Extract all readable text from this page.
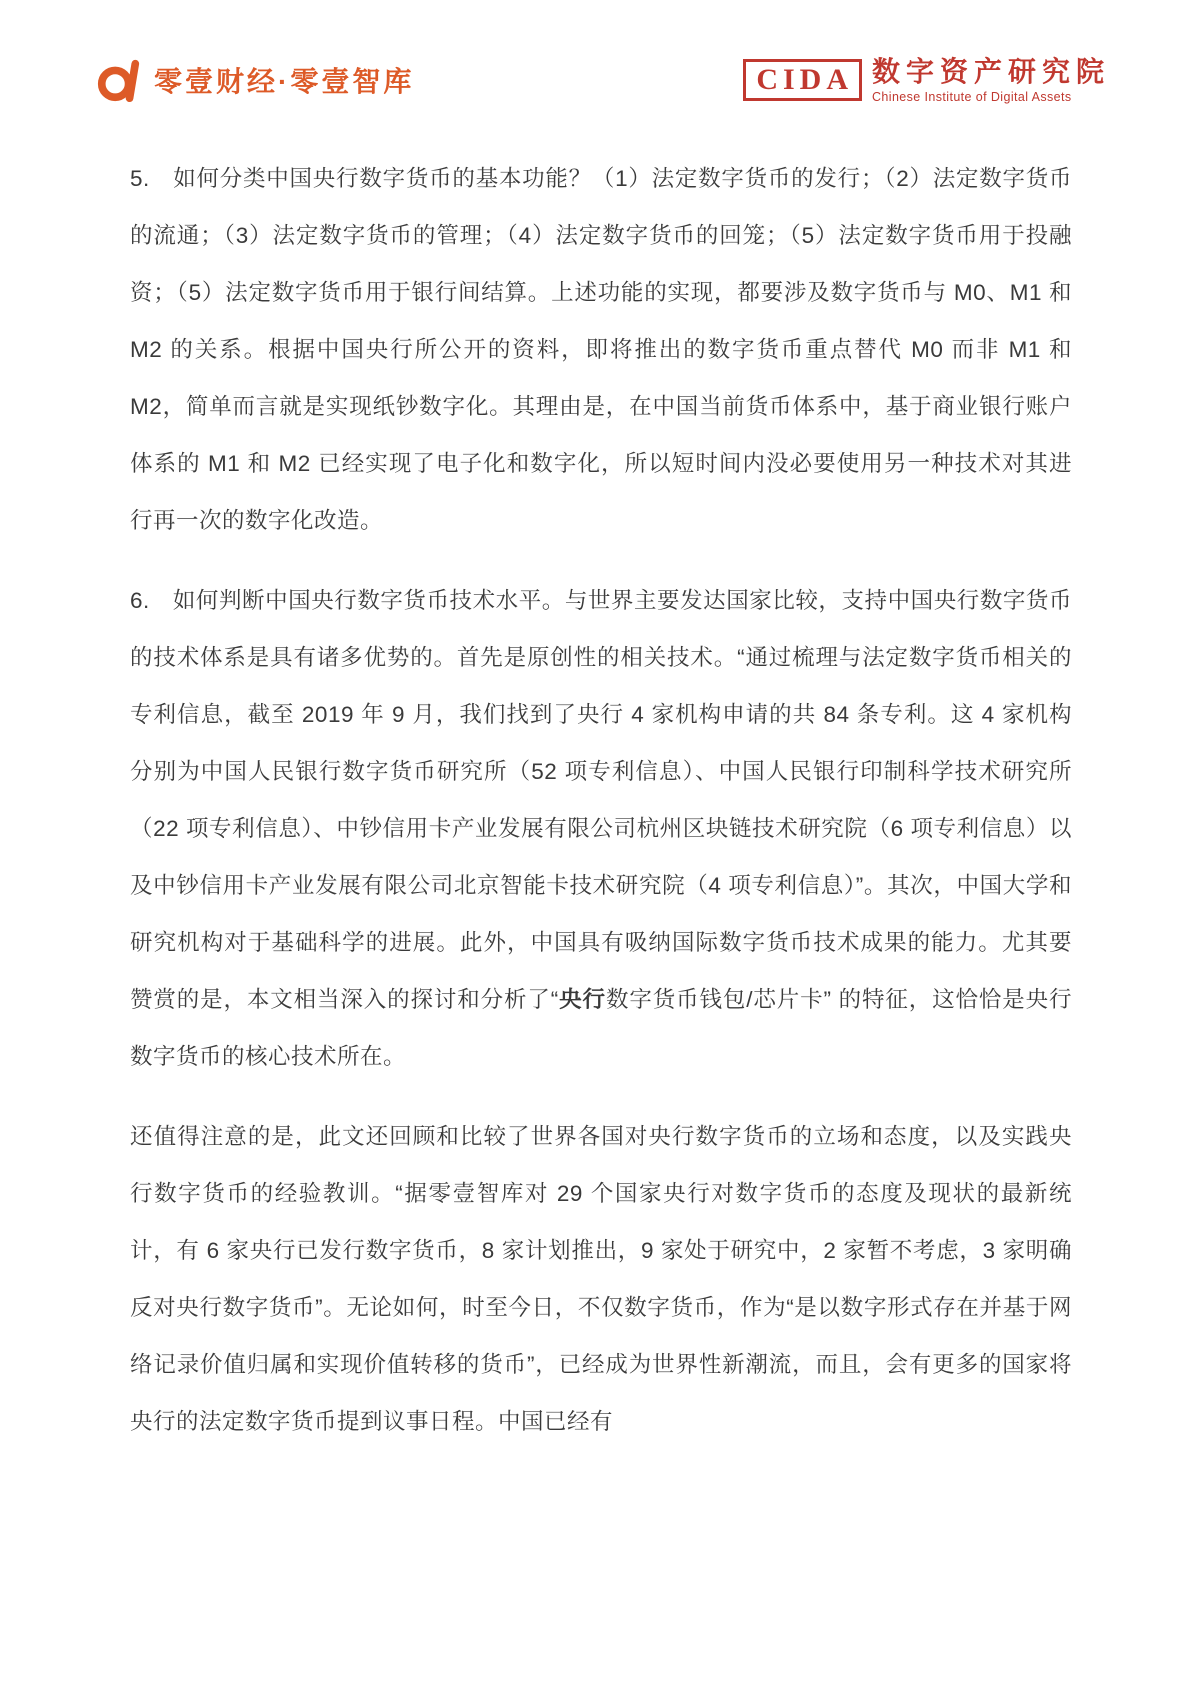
零壹财经·零壹智库	CIDA 数字资产研究院
Chinese Institute of Digital Assets

5.　如何分类中国央行数字货币的基本功能？（1）法定数字货币的发行；（2）法定数字货币的流通；（3）法定数字货币的管理；（4）法定数字货币的回笼；（5）法定数字货币用于投融资；（5）法定数字货币用于银行间结算。上述功能的实现，都要涉及数字货币与 M0、M1 和 M2 的关系。根据中国央行所公开的资料，即将推出的数字货币重点替代 M0 而非 M1 和 M2，简单而言就是实现纸钞数字化。其理由是，在中国当前货币体系中，基于商业银行账户体系的 M1 和 M2 已经实现了电子化和数字化，所以短时间内没必要使用另一种技术对其进行再一次的数字化改造。

6.　如何判断中国央行数字货币技术水平。与世界主要发达国家比较，支持中国央行数字货币的技术体系是具有诸多优势的。首先是原创性的相关技术。“通过梳理与法定数字货币相关的专利信息，截至 2019 年 9 月，我们找到了央行 4 家机构申请的共 84 条专利。这 4 家机构分别为中国人民银行数字货币研究所（52 项专利信息）、中国人民银行印制科学技术研究所（22 项专利信息）、中钞信用卡产业发展有限公司杭州区块链技术研究院（6 项专利信息）以及中钞信用卡产业发展有限公司北京智能卡技术研究院（4 项专利信息）”。其次，中国大学和研究机构对于基础科学的进展。此外，中国具有吸纳国际数字货币技术成果的能力。尤其要赞赏的是，本文相当深入的探讨和分析了“央行数字货币钱包/芯片卡” 的特征，这恰恰是央行数字货币的核心技术所在。

还值得注意的是，此文还回顾和比较了世界各国对央行数字货币的立场和态度，以及实践央行数字货币的经验教训。“据零壹智库对 29 个国家央行对数字货币的态度及现状的最新统计，有 6 家央行已发行数字货币，8 家计划推出，9 家处于研究中，2 家暂不考虑，3 家明确反对央行数字货币”。无论如何，时至今日，不仅数字货币，作为“是以数字形式存在并基于网络记录价值归属和实现价值转移的货币”，已经成为世界性新潮流，而且，会有更多的国家将央行的法定数字货币提到议事日程。中国已经有
